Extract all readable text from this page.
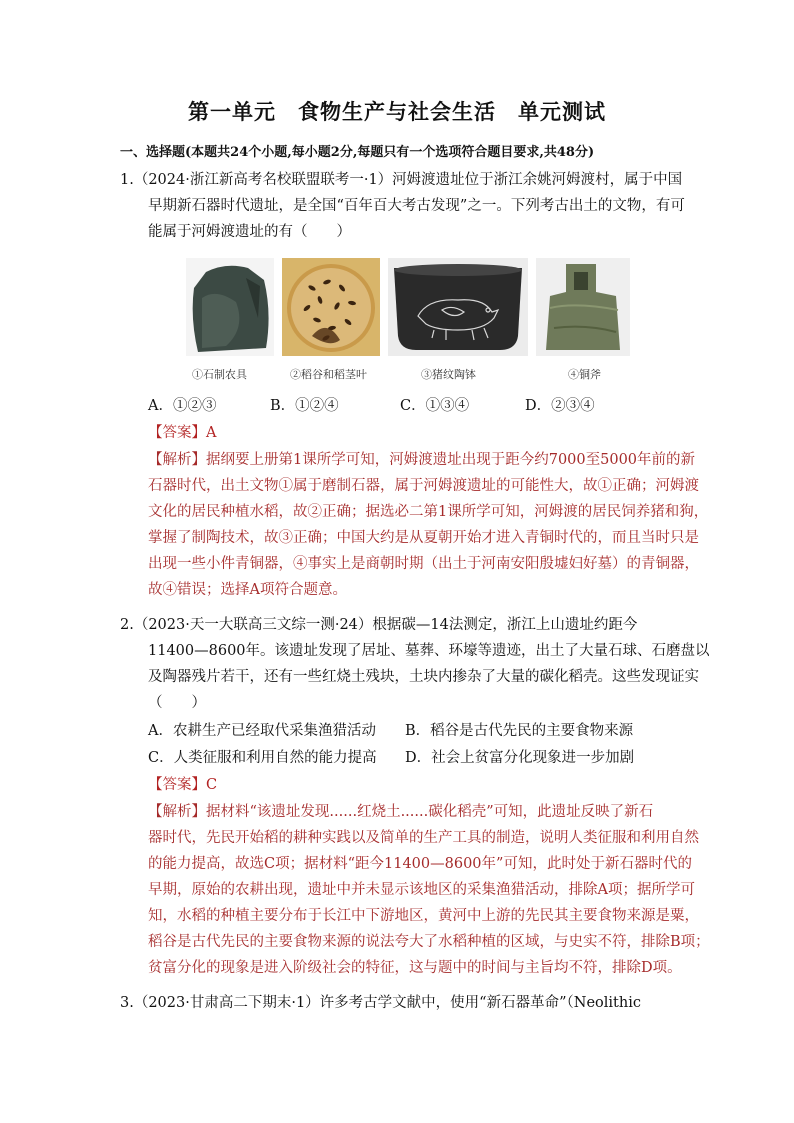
第一单元　食物生产与社会生活　单元测试
一、选择题(本题共24个小题,每小题2分,每题只有一个选项符合题目要求,共48分)
1.（2024·浙江新高考名校联盟联考一·1）河姆渡遗址位于浙江余姚河姆渡村，属于中国
早期新石器时代遗址，是全国“百年百大考古发现”之一。下列考古出土的文物，有可
能属于河姆渡遗址的有（　　）
①石制农具	②稻谷和稻茎叶	③猪纹陶钵	④铜斧
A．①②③	B．①②④	C．①③④	D．②③④
【答案】A
【解析】据纲要上册第1课所学可知，河姆渡遗址出现于距今约7000至5000年前的新
石器时代，出土文物①属于磨制石器，属于河姆渡遗址的可能性大，故①正确；河姆渡
文化的居民种植水稻，故②正确；据选必二第1课所学可知，河姆渡的居民饲养猪和狗，
掌握了制陶技术，故③正确；中国大约是从夏朝开始才进入青铜时代的，而且当时只是
出现一些小件青铜器，④事实上是商朝时期（出土于河南安阳殷墟妇好墓）的青铜器，
故④错误；选择A项符合题意。
2.（2023·天一大联高三文综一测·24）根据碳—14法测定，浙江上山遗址约距今
11400—8600年。该遗址发现了居址、墓葬、环壕等遗迹，出土了大量石球、石磨盘以
及陶器残片若干，还有一些红烧土残块，土块内掺杂了大量的碳化稻壳。这些发现证实
（　　）
A．农耕生产已经取代采集渔猎活动 B．稻谷是古代先民的主要食物来源
C．人类征服和利用自然的能力提高 D．社会上贫富分化现象进一步加剧
【答案】C
【解析】据材料“该遗址发现......红烧土......碳化稻壳”可知，此遗址反映了新石
器时代，先民开始稻的耕种实践以及简单的生产工具的制造，说明人类征服和利用自然
的能力提高，故选C项；据材料“距今11400—8600年”可知，此时处于新石器时代的
早期，原始的农耕出现，遗址中并未显示该地区的采集渔猎活动，排除A项；据所学可
知，水稻的种植主要分布于长江中下游地区，黄河中上游的先民其主要食物来源是粟，
稻谷是古代先民的主要食物来源的说法夸大了水稻种植的区域，与史实不符，排除B项；
贫富分化的现象是进入阶级社会的特征，这与题中的时间与主旨均不符，排除D项。
3.（2023·甘肃高二下期末·1）许多考古学文献中，使用“新石器革命”（Neolithic
